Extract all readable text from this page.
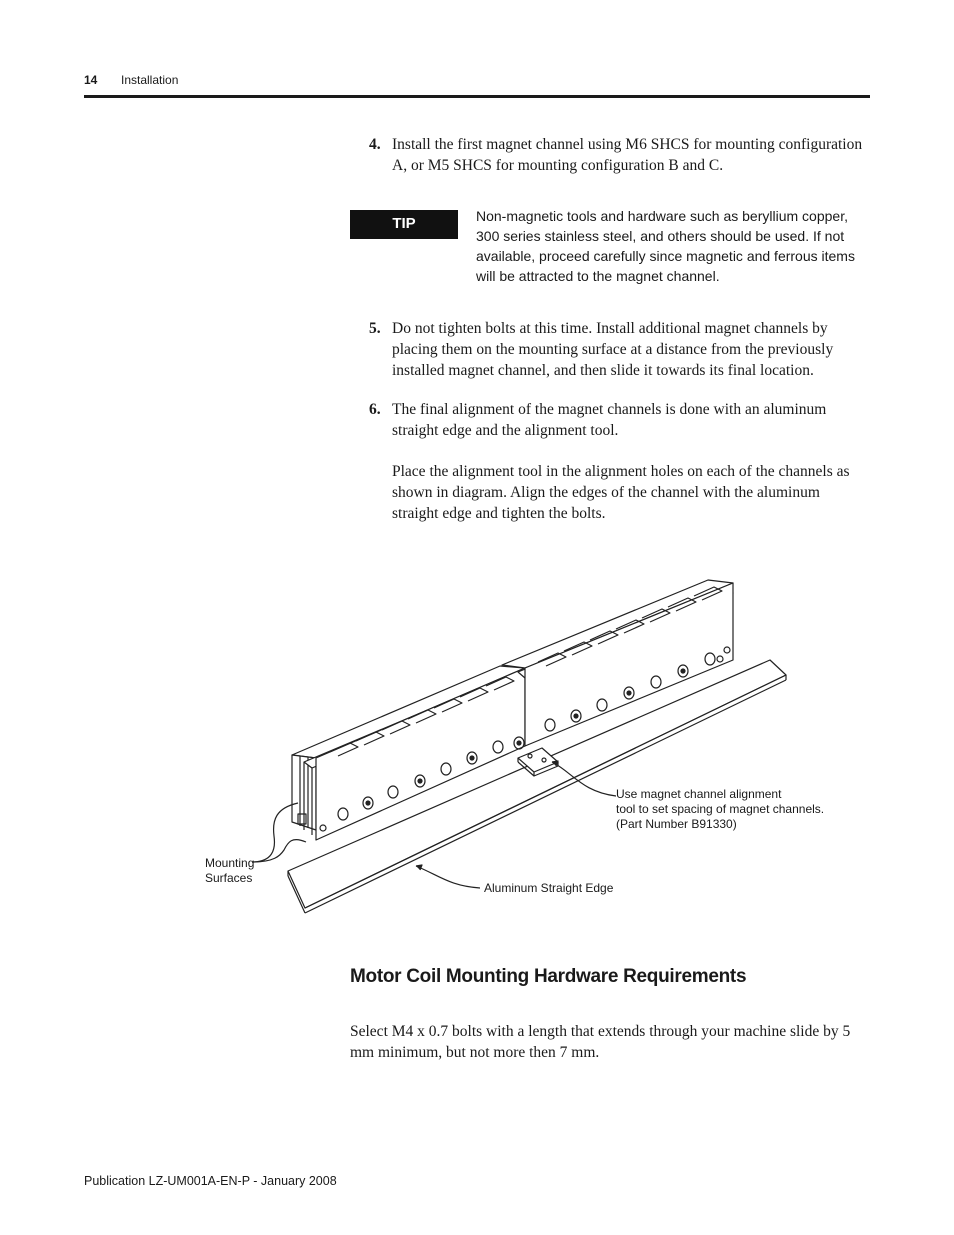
14 Installation
4. Install the first magnet channel using M6 SHCS for mounting configuration A, or M5 SHCS for mounting configuration B and C.
TIP	Non-magnetic tools and hardware such as beryllium copper, 300 series stainless steel, and others should be used. If not available, proceed carefully since magnetic and ferrous items will be attracted to the magnet channel.
5. Do not tighten bolts at this time. Install additional magnet channels by placing them on the mounting surface at a distance from the previously installed magnet channel, and then slide it towards its final location.
6. The final alignment of the magnet channels is done with an aluminum straight edge and the alignment tool.
Place the alignment tool in the alignment holes on each of the channels as shown in diagram. Align the edges of the channel with the aluminum straight edge and tighten the bolts.
Use magnet channel alignment
tool to set spacing of magnet channels.
(Part Number B91330)
Mounting
Surfaces
Aluminum Straight Edge
Motor Coil Mounting Hardware Requirements
Select M4 x 0.7 bolts with a length that extends through your machine slide by 5 mm minimum, but not more then 7 mm.
Publication LZ-UM001A-EN-P - January 2008
